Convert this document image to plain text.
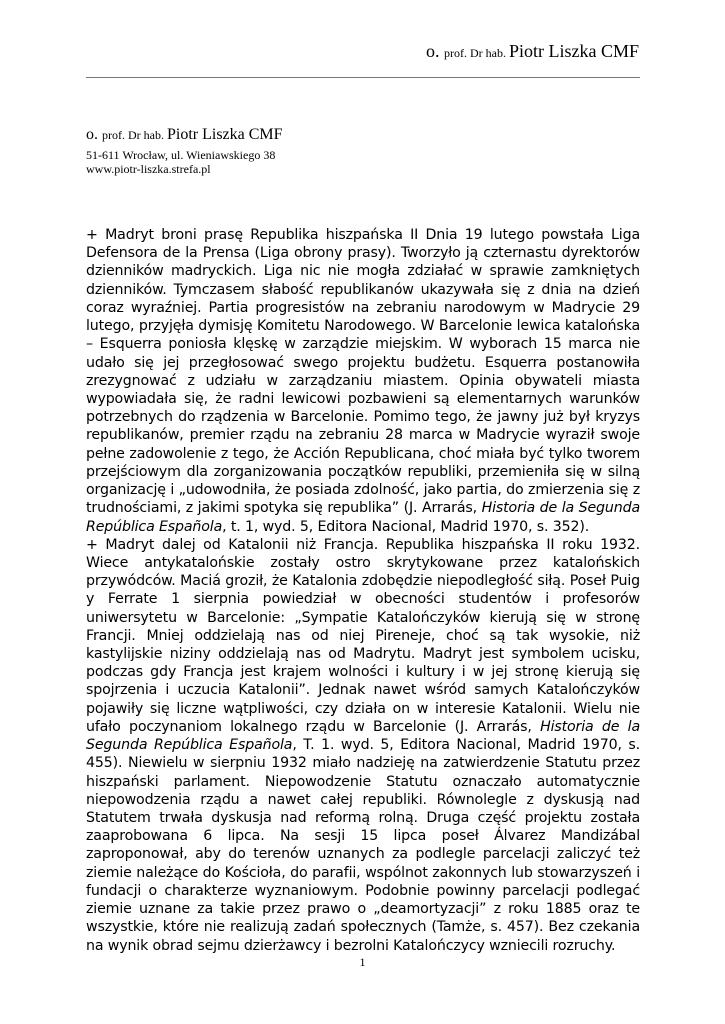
o. prof. Dr hab. Piotr Liszka CMF
o. prof. Dr hab. Piotr Liszka CMF
51-611 Wrocław, ul. Wieniawskiego 38
www.piotr-liszka.strefa.pl

+ Madryt broni prasę Republika hiszpańska II Dnia 19 lutego powstała Liga Defensora de la Prensa (Liga obrony prasy). Tworzyło ją czternastu dyrektorów dzienników madryckich. Liga nic nie mogła zdziałać w sprawie zamkniętych dzienników. Tymczasem słabość republikanów ukazywała się z dnia na dzień coraz wyraźniej. Partia progresistów na zebraniu narodowym w Madrycie 29 lutego, przyjęła dymisję Komitetu Narodowego. W Barcelonie lewica katalońska – Esquerra poniosła klęskę w zarządzie miejskim. W wyborach 15 marca nie udało się jej przegłosować swego projektu budżetu. Esquerra postanowiła zrezygnować z udziału w zarządzaniu miastem. Opinia obywateli miasta wypowiadała się, że radni lewicowi pozbawieni są elementarnych warunków potrzebnych do rządzenia w Barcelonie. Pomimo tego, że jawny już był kryzys republikanów, premier rządu na zebraniu 28 marca w Madrycie wyraził swoje pełne zadowolenie z tego, że Acción Republicana, choć miała być tylko tworem przejściowym dla zorganizowania początków republiki, przemieniła się w silną organizację i „udowodniła, że posiada zdolność, jako partia, do zmierzenia się z trudnościami, z jakimi spotyka się republika” (J. Arrarás, Historia de la Segunda República Española, t. 1, wyd. 5, Editora Nacional, Madrid 1970, s. 352).

+ Madryt dalej od Katalonii niż Francja. Republika hiszpańska II roku 1932. Wiece antykatalońskie zostały ostro skrytykowane przez katalońskich przywódców. Maciá groził, że Katalonia zdobędzie niepodległość siłą. Poseł Puig y Ferrate 1 sierpnia powiedział w obecności studentów i profesorów uniwersytetu w Barcelonie: „Sympatie Katalończyków kierują się w stronę Francji. Mniej oddzielają nas od niej Pireneje, choć są tak wysokie, niż kastylijskie niziny oddzielają nas od Madrytu. Madryt jest symbolem ucisku, podczas gdy Francja jest krajem wolności i kultury i w jej stronę kierują się spojrzenia i uczucia Katalonii”. Jednak nawet wśród samych Katalończyków pojawiły się liczne wątpliwości, czy działa on w interesie Katalonii. Wielu nie ufało poczynaniom lokalnego rządu w Barcelonie (J. Arrarás, Historia de la Segunda República Española, T. 1. wyd. 5, Editora Nacional, Madrid 1970, s. 455). Niewielu w sierpniu 1932 miało nadzieję na zatwierdzenie Statutu przez hiszpański parlament. Niepowodzenie Statutu oznaczało automatycznie niepowodzenia rządu a nawet całej republiki. Równolegle z dyskusją nad Statutem trwała dyskusja nad reformą rolną. Druga część projektu została zaaprobowana 6 lipca. Na sesji 15 lipca poseł Álvarez Mandizábal zaproponował, aby do terenów uznanych za podlegle parcelacji zaliczyć też ziemie należące do Kościoła, do parafii, wspólnot zakonnych lub stowarzyszeń i fundacji o charakterze wyznaniowym. Podobnie powinny parcelacji podlegać ziemie uznane za takie przez prawo o „deamortyzacji” z roku 1885 oraz te wszystkie, które nie realizują zadań społecznych (Tamże, s. 457). Bez czekania na wynik obrad sejmu dzierżawcy i bezrolni Katalończycy wzniecili rozruchy.

1
